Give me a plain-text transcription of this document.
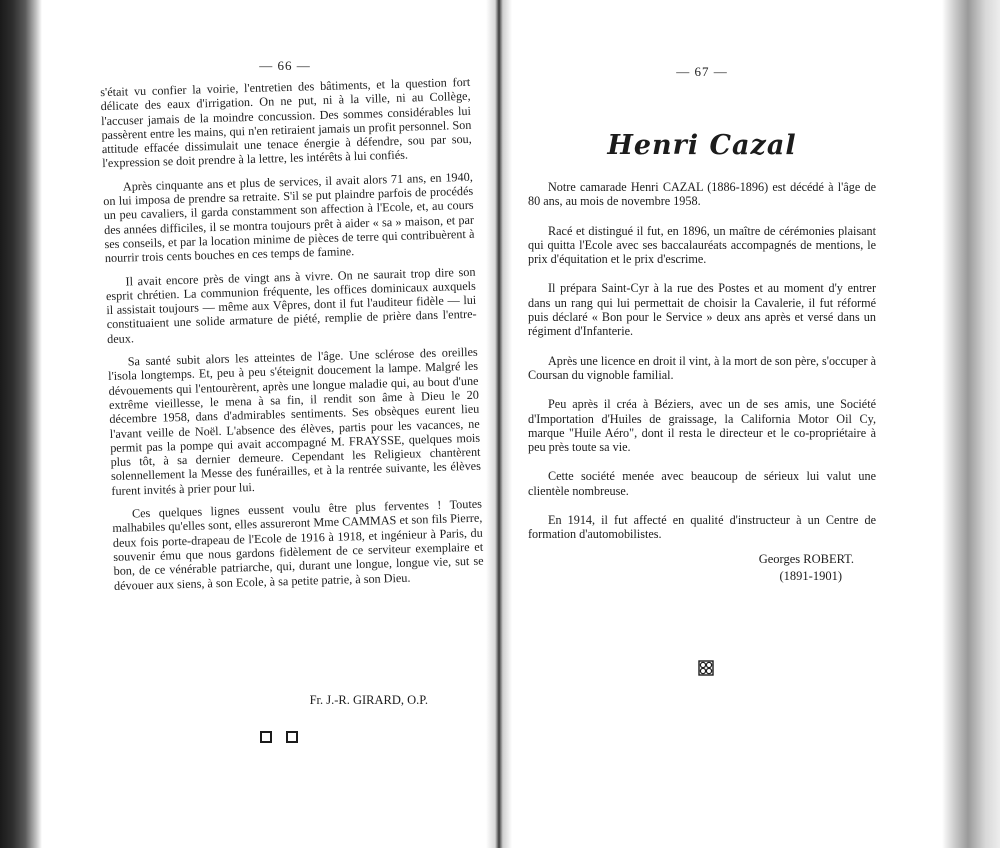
— 66 —

s'était vu confier la voirie, l'entretien des bâtiments, et la question fort délicate des eaux d'irrigation. On ne put, ni à la ville, ni au Collège, l'accuser jamais de la moindre concussion. Des sommes considérables lui passèrent entre les mains, qui n'en retiraient jamais un profit personnel. Son attitude effacée dissimulait une tenace énergie à défendre, sou par sou, l'expression se doit prendre à la lettre, les intérêts à lui confiés.

Après cinquante ans et plus de services, il avait alors 71 ans, en 1940, on lui imposa de prendre sa retraite. S'il se put plaindre parfois de procédés un peu cavaliers, il garda constamment son affection à l'Ecole, et, au cours des années difficiles, il se montra toujours prêt à aider « sa » maison, et par ses conseils, et par la location minime de pièces de terre qui contribuèrent à nourrir trois cents bouches en ces temps de famine.

Il avait encore près de vingt ans à vivre. On ne saurait trop dire son esprit chrétien. La communion fréquente, les offices dominicaux auxquels il assistait toujours — même aux Vêpres, dont il fut l'auditeur fidèle — lui constituaient une solide armature de piété, remplie de prière dans l'entre-deux.

Sa santé subit alors les atteintes de l'âge. Une sclérose des oreilles l'isola longtemps. Et, peu à peu s'éteignit doucement la lampe. Malgré les dévouements qui l'entourèrent, après une longue maladie qui, au bout d'une extrême vieillesse, le mena à sa fin, il rendit son âme à Dieu le 20 décembre 1958, dans d'admirables sentiments. Ses obsèques eurent lieu l'avant veille de Noël. L'absence des élèves, partis pour les vacances, ne permit pas la pompe qui avait accompagné M. FRAYSSE, quelques mois plus tôt, à sa dernier demeure. Cependant les Religieux chantèrent solennellement la Messe des funérailles, et à la rentrée suivante, les élèves furent invités à prier pour lui.

Ces quelques lignes eussent voulu être plus ferventes ! Toutes malhabiles qu'elles sont, elles assureront Mme CAMMAS et son fils Pierre, deux fois porte-drapeau de l'Ecole de 1916 à 1918, et ingénieur à Paris, du souvenir ému que nous gardons fidèlement de ce serviteur exemplaire et bon, de ce vénérable patriarche, qui, durant une longue, longue vie, sut se dévouer aux siens, à son Ecole, à sa petite patrie, à son Dieu.

Fr. J.-R. GIRARD, O.P.
— 67 —
Henri Cazal

Notre camarade Henri CAZAL (1886-1896) est décédé à l'âge de 80 ans, au mois de novembre 1958.

Racé et distingué il fut, en 1896, un maître de cérémonies plaisant qui quitta l'Ecole avec ses baccalauréats accompagnés de mentions, le prix d'équitation et le prix d'escrime.

Il prépara Saint-Cyr à la rue des Postes et au moment d'y entrer dans un rang qui lui permettait de choisir la Cavalerie, il fut réformé puis déclaré « Bon pour le Service » deux ans après et versé dans un régiment d'Infanterie.

Après une licence en droit il vint, à la mort de son père, s'occuper à Coursan du vignoble familial.

Peu après il créa à Béziers, avec un de ses amis, une Société d'Importation d'Huiles de graissage, la California Motor Oil Cy, marque "Huile Aéro", dont il resta le directeur et le co-propriétaire à peu près toute sa vie.

Cette société menée avec beaucoup de sérieux lui valut une clientèle nombreuse.

En 1914, il fut affecté en qualité d'instructeur à un Centre de formation d'automobilistes.

Georges ROBERT.
(1891-1901)
